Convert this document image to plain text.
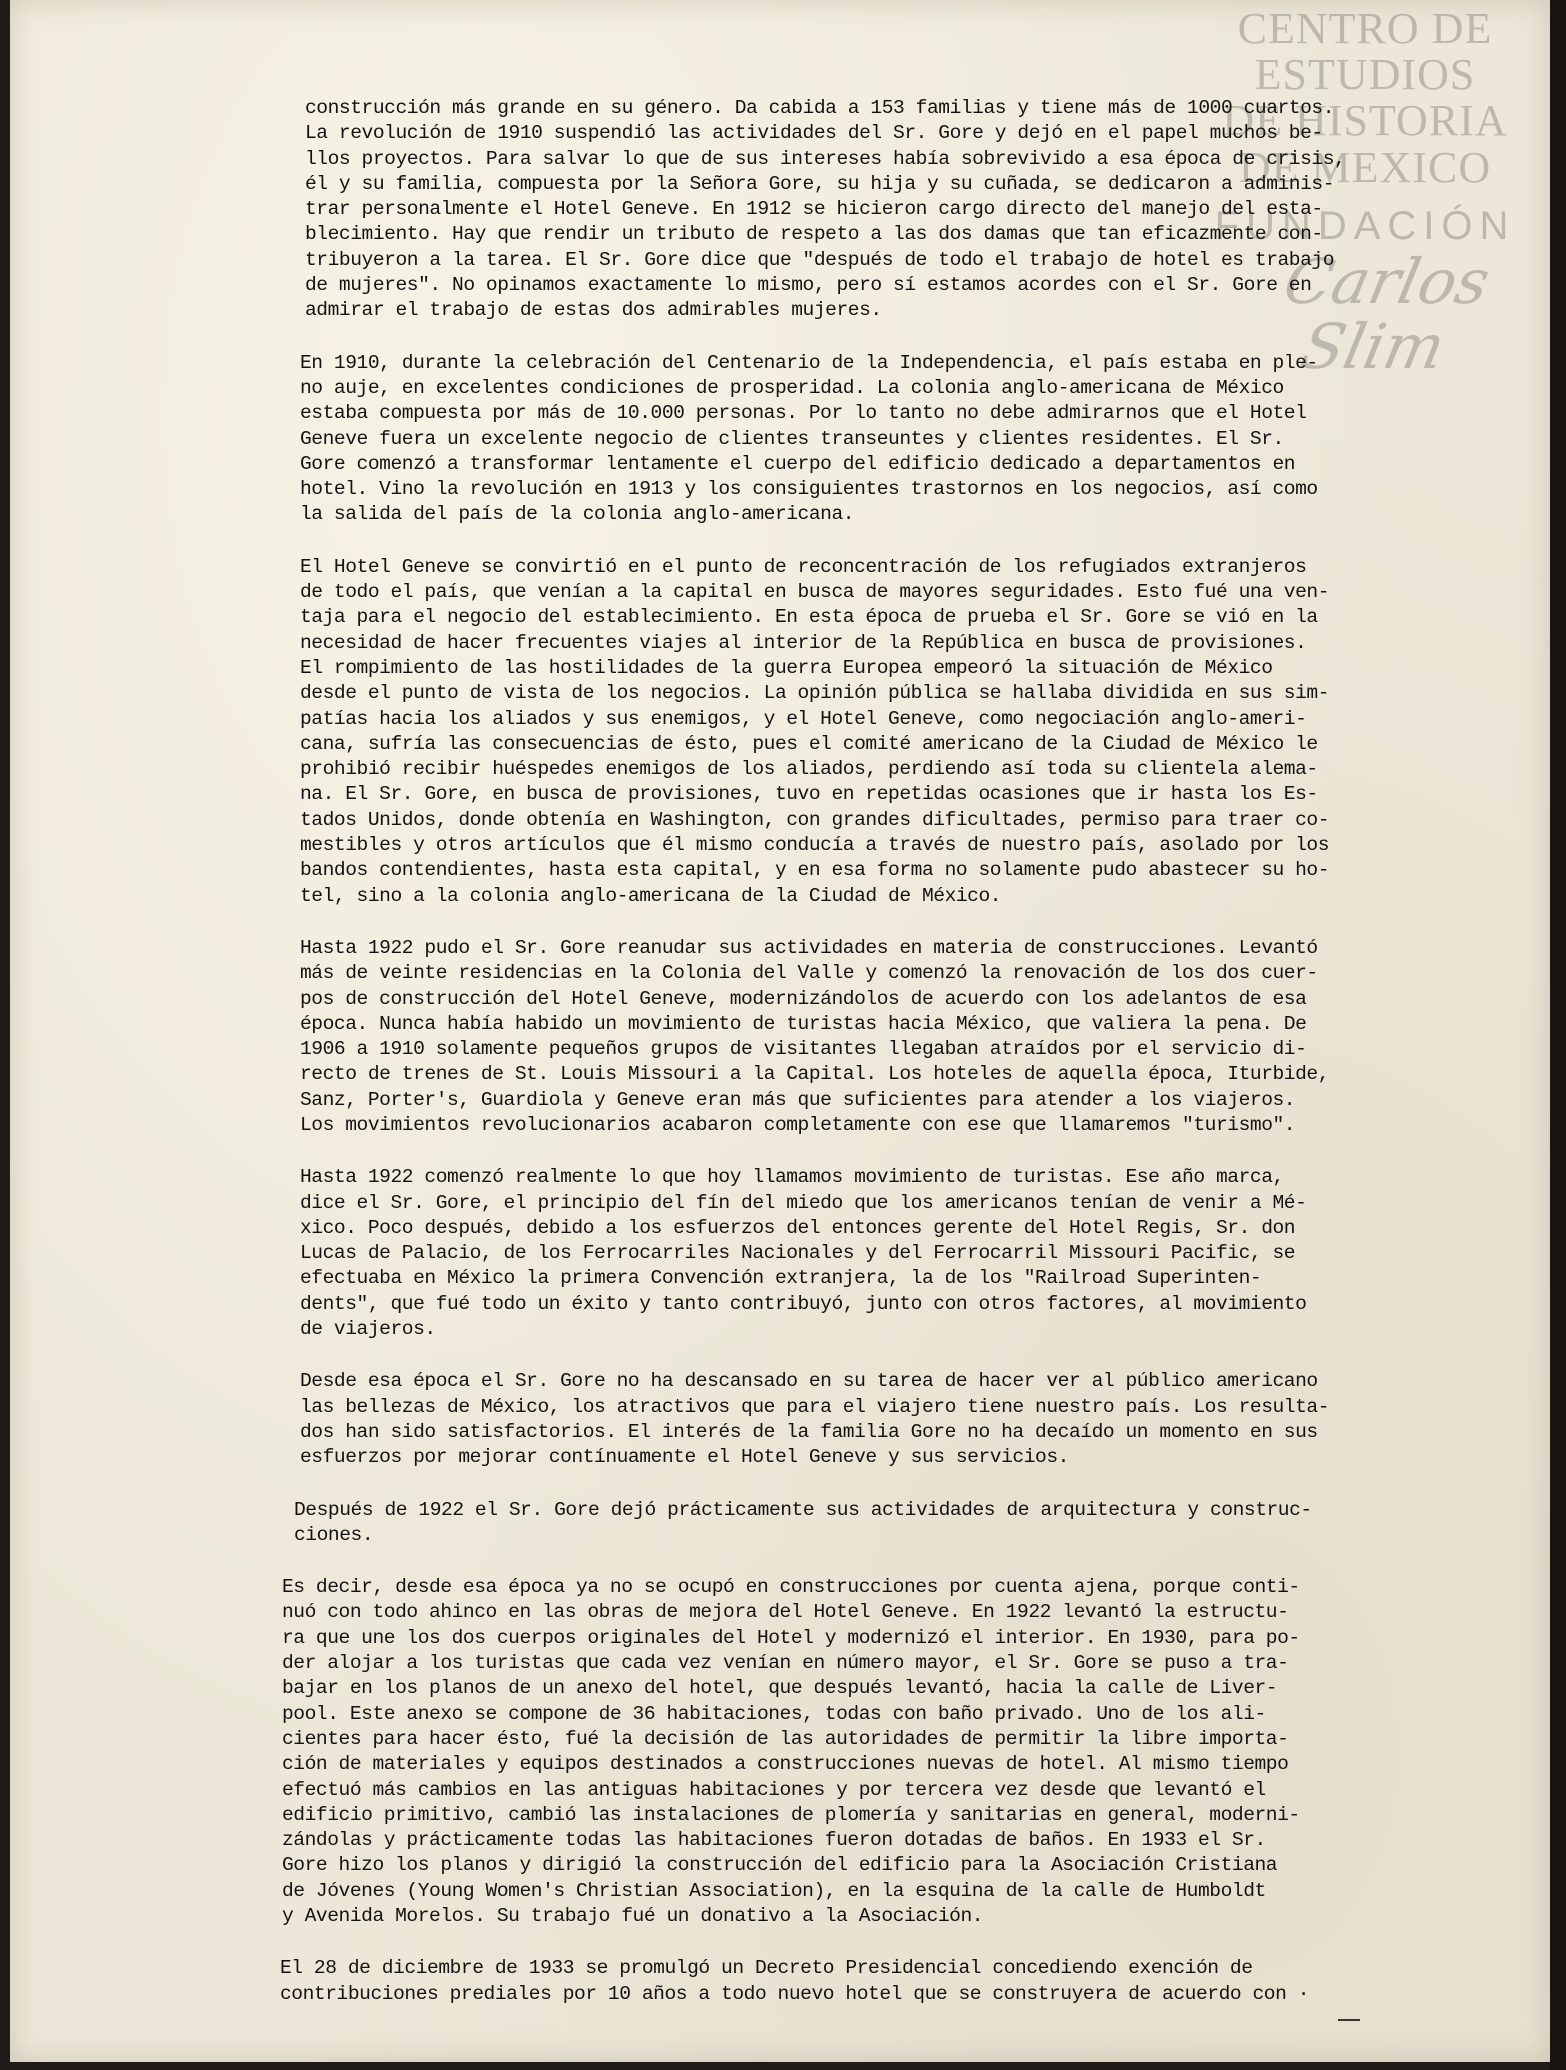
CENTRO DE
ESTUDIOS
DE HISTORIA
DE MEXICO
FUNDACIÓN
Carlos Slim
construcción más grande en su género. Da cabida a 153 familias y tiene más de 1000 cuartos.
La revolución de 1910 suspendió las actividades del Sr. Gore y dejó en el papel muchos be-
llos proyectos. Para salvar lo que de sus intereses había sobrevivido a esa época de crisis,
él y su familia, compuesta por la Señora Gore, su hija y su cuñada, se dedicaron a adminis-
trar personalmente el Hotel Geneve. En 1912 se hicieron cargo directo del manejo del esta-
blecimiento. Hay que rendir un tributo de respeto a las dos damas que tan eficazmente con-
tribuyeron a la tarea. El Sr. Gore dice que "después de todo el trabajo de hotel es trabajo
de mujeres". No opinamos exactamente lo mismo, pero sí estamos acordes con el Sr. Gore en
admirar el trabajo de estas dos admirables mujeres.
En 1910, durante la celebración del Centenario de la Independencia, el país estaba en ple-
no auje, en excelentes condiciones de prosperidad. La colonia anglo-americana de México
estaba compuesta por más de 10.000 personas. Por lo tanto no debe admirarnos que el Hotel
Geneve fuera un excelente negocio de clientes transeuntes y clientes residentes. El Sr.
Gore comenzó a transformar lentamente el cuerpo del edificio dedicado a departamentos en
hotel. Vino la revolución en 1913 y los consiguientes trastornos en los negocios, así como
la salida del país de la colonia anglo-americana.
El Hotel Geneve se convirtió en el punto de reconcentración de los refugiados extranjeros
de todo el país, que venían a la capital en busca de mayores seguridades. Esto fué una ven-
taja para el negocio del establecimiento. En esta época de prueba el Sr. Gore se vió en la
necesidad de hacer frecuentes viajes al interior de la República en busca de provisiones.
El rompimiento de las hostilidades de la guerra Europea empeoró la situación de México
desde el punto de vista de los negocios. La opinión pública se hallaba dividida en sus sim-
patías hacia los aliados y sus enemigos, y el Hotel Geneve, como negociación anglo-ameri-
cana, sufría las consecuencias de ésto, pues el comité americano de la Ciudad de México le
prohibió recibir huéspedes enemigos de los aliados, perdiendo así toda su clientela alema-
na. El Sr. Gore, en busca de provisiones, tuvo en repetidas ocasiones que ir hasta los Es-
tados Unidos, donde obtenía en Washington, con grandes dificultades, permiso para traer co-
mestibles y otros artículos que él mismo conducía a través de nuestro país, asolado por los
bandos contendientes, hasta esta capital, y en esa forma no solamente pudo abastecer su ho-
tel, sino a la colonia anglo-americana de la Ciudad de México.
Hasta 1922 pudo el Sr. Gore reanudar sus actividades en materia de construcciones. Levantó
más de veinte residencias en la Colonia del Valle y comenzó la renovación de los dos cuer-
pos de construcción del Hotel Geneve, modernizándolos de acuerdo con los adelantos de esa
época. Nunca había habido un movimiento de turistas hacia México, que valiera la pena. De
1906 a 1910 solamente pequeños grupos de visitantes llegaban atraídos por el servicio di-
recto de trenes de St. Louis Missouri a la Capital. Los hoteles de aquella época, Iturbide,
Sanz, Porter's, Guardiola y Geneve eran más que suficientes para atender a los viajeros.
Los movimientos revolucionarios acabaron completamente con ese que llamaremos "turismo".
Hasta 1922 comenzó realmente lo que hoy llamamos movimiento de turistas. Ese año marca,
dice el Sr. Gore, el principio del fín del miedo que los americanos tenían de venir a Mé-
xico. Poco después, debido a los esfuerzos del entonces gerente del Hotel Regis, Sr. don
Lucas de Palacio, de los Ferrocarriles Nacionales y del Ferrocarril Missouri Pacific, se
efectuaba en México la primera Convención extranjera, la de los "Railroad Superinten-
dents", que fué todo un éxito y tanto contribuyó, junto con otros factores, al movimiento
de viajeros.
Desde esa época el Sr. Gore no ha descansado en su tarea de hacer ver al público americano
las bellezas de México, los atractivos que para el viajero tiene nuestro país. Los resulta-
dos han sido satisfactorios. El interés de la familia Gore no ha decaído un momento en sus
esfuerzos por mejorar contínuamente el Hotel Geneve y sus servicios.
Después de 1922 el Sr. Gore dejó prácticamente sus actividades de arquitectura y construc-
ciones.
Es decir, desde esa época ya no se ocupó en construcciones por cuenta ajena, porque conti-
nuó con todo ahinco en las obras de mejora del Hotel Geneve. En 1922 levantó la estructu-
ra que une los dos cuerpos originales del Hotel y modernizó el interior. En 1930, para po-
der alojar a los turistas que cada vez venían en número mayor, el Sr. Gore se puso a tra-
bajar en los planos de un anexo del hotel, que después levantó, hacia la calle de Liver-
pool. Este anexo se compone de 36 habitaciones, todas con baño privado. Uno de los ali-
cientes para hacer ésto, fué la decisión de las autoridades de permitir la libre importa-
ción de materiales y equipos destinados a construcciones nuevas de hotel. Al mismo tiempo
efectuó más cambios en las antiguas habitaciones y por tercera vez desde que levantó el
edificio primitivo, cambió las instalaciones de plomería y sanitarias en general, moderni-
zándolas y prácticamente todas las habitaciones fueron dotadas de baños. En 1933 el Sr.
Gore hizo los planos y dirigió la construcción del edificio para la Asociación Cristiana
de Jóvenes (Young Women's Christian Association), en la esquina de la calle de Humboldt
y Avenida Morelos. Su trabajo fué un donativo a la Asociación.
El 28 de diciembre de 1933 se promulgó un Decreto Presidencial concediendo exención de
contribuciones prediales por 10 años a todo nuevo hotel que se construyera de acuerdo con ·
